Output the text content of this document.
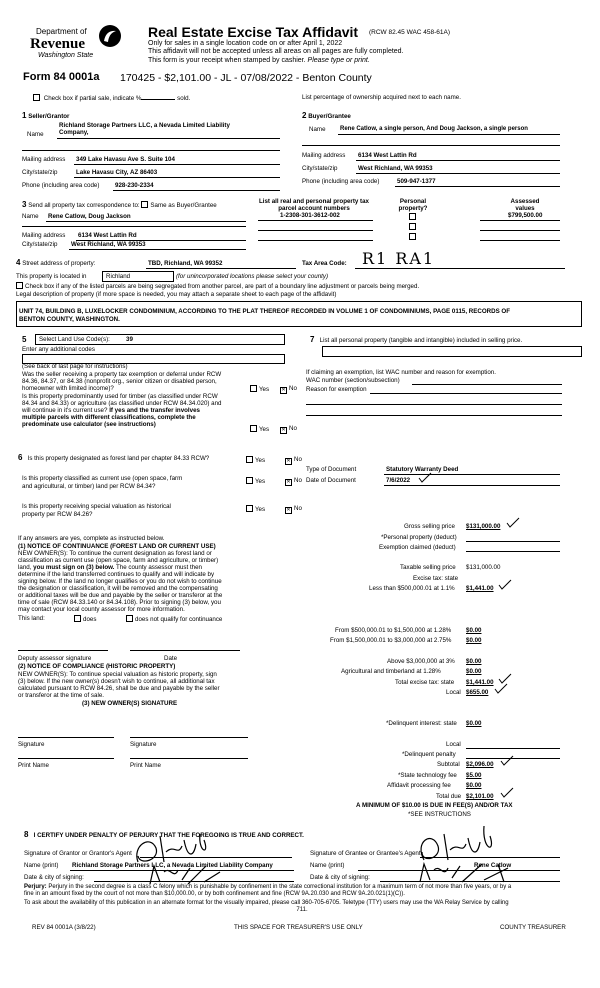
Department of
Revenue
Washington State
Real Estate Excise Tax Affidavit (RCW 82.45 WAC 458-61A)
Only for sales in a single location code on or after April 1, 2022
This affidavit will not be accepted unless all areas on all pages are fully completed.
This form is your receipt when stamped by cashier. Please type or print.
Form 84 0001a 170425 - $2,101.00 - JL - 07/08/2022 - Benton County
Check box if partial sale, indicate %	sold.	List percentage of ownership acquired next to each name.
1 Seller/Grantor
Name
Richland Storage Partners LLC, a Nevada Limited Liability
Company,
Mailing address 349 Lake Havasu Ave S. Suite 104
City/state/zip	Lake Havasu City, AZ 86403
Phone (including area code)	928-230-2334
2 Buyer/Grantee
Name Rene Catlow, a single person, And Doug Jackson, a single person
Mailing address 6134 West Lattin Rd
City/state/zip	West Richland, WA 99353
Phone (including area code)	509-947-1377
3 Send all property tax correspondence to: Same as Buyer/Grantee
Name Rene Catlow, Doug Jackson
Mailing address 6134 West Lattin Rd
City/state/zip West Richland, WA 99353
List all real and personal property tax
parcel account numbers
1-2308-301-3612-002
Personal
property?
Assessed
values
$799,500.00
4 Street address of property:	TBD, Richland, WA 99352	Tax Area Code: R1 RA1
This property is located in	Richland	(for unincorporated locations please select your county)
Check box if any of the listed parcels are being segregated from another parcel, are part of a boundary line adjustment or parcels being merged.
Legal description of property (if more space is needed, you may attach a separate sheet to each page of the affidavit)
UNIT 74, BUILDING B, LUXELOCKER CONDOMINIUM, ACCORDING TO THE PLAT THEREOF RECORDED IN VOLUME 1 OF CONDOMINIUMS, PAGE 0115, RECORDS OF
BENTON COUNTY, WASHINGTON.
5 Select Land Use Code(s):	39
Enter any additional codes
(See back of last page for instructions)
Was the seller receiving a property tax exemption or deferral under RCW
84.36, 84.37, or 84.38 (nonprofit org., senior citizen or disabled person,
homeowner with limited income)?	Yes ✕ No
Is this property predominantly used for timber (as classified under RCW
84.34 and 84.33) or agriculture (as classified under RCW 84.34.020) and
will continue in it's current use? If yes and the transfer involves
multiple parcels with different classifications, complete the
predominate use calculator (see instructions)
Yes ✕ No
7 List all personal property (tangible and intangible) included in selling price.
If claiming an exemption, list WAC number and reason for exemption.
WAC number (section/subsection)
Reason for exemption
6 Is this property designated as forest land per chapter 84.33 RCW?	Yes	✕ No
Is this property classified as current use (open space, farm
and agricultural, or timber) land per RCW 84.34?
Yes	✕ No
Is this property receiving special valuation as historical
property per RCW 84.26?
Yes	✕ No
Type of Document	Statutory Warranty Deed
Date of Document	7/6/2022
If any answers are yes, complete as instructed below.
(1) NOTICE OF CONTINUANCE (FOREST LAND OR CURRENT USE)
NEW OWNER(S): To continue the current designation as forest land or
classification as current use (open space, farm and agriculture, or timber)
land, you must sign on (3) below. The county assessor must then
determine if the land transferred continues to qualify and will indicate by
signing below. If the land no longer qualifies or you do not wish to continue
the designation or classification, it will be removed and the compensating
or additional taxes will be due and payable by the seller or transferor at the
time of sale (RCW 84.33.140 or 84.34.108). Prior to signing (3) below, you
may contact your local county assessor for more information.
This land:	does	does not qualify for continuance
Deputy assessor signature	Date
(2) NOTICE OF COMPLIANCE (HISTORIC PROPERTY)
NEW OWNER(S): To continue special valuation as historic property, sign
(3) below. If the new owner(s) doesn't wish to continue, all additional tax
calculated pursuant to RCW 84.26, shall be due and payable by the seller
or transferor at the time of sale.
(3) NEW OWNER(S) SIGNATURE
Signature	Signature
Print Name	Print Name
Gross selling price $131,000.00
*Personal property (deduct)
Exemption claimed (deduct)
Taxable selling price $131,000.00
Excise tax: state
Less than $500,000.01 at 1.1% $1,441.00
From $500,000.01 to $1,500,000 at 1.28% $0.00
From $1,500,000.01 to $3,000,000 at 2.75% $0.00
Above $3,000,000 at 3% $0.00
Agricultural and timberland at 1.28%	$0.00
Total excise tax: state $1,441.00
Local $655.00
*Delinquent interest: state $0.00
Local
*Delinquent penalty
Subtotal $2,096.00
*State technology fee $5.00
Affidavit processing fee $0.00
Total due $2,101.00
A MINIMUM OF $10.00 IS DUE IN FEE(S) AND/OR TAX
*SEE INSTRUCTIONS
8 I CERTIFY UNDER PENALTY OF PERJURY THAT THE FOREGOING IS TRUE AND CORRECT.
Signature of Grantor or Grantor's Agent	Signature of Grantee or Grantee's Agent
Name (print) Richland Storage Partners LLC, a Nevada Limited Liability Company	Name (print)	Rene Catlow
Date & city of signing:	Date & city of signing:
Perjury: Perjury in the second degree is a class C felony which is punishable by confinement in the state correctional institution for a maximum term of not more than five years, or by a
fine in an amount fixed by the court of not more than $10,000.00, or by both confinement and fine (RCW 9A.20.030 and RCW 9A.20.021(1)(C)).
To ask about the availability of this publication in an alternate format for the visually impaired, please call 360-705-6705. Teletype (TTY) users may use the WA Relay Service by calling

711.
REV 84 0001A (3/8/22)	THIS SPACE FOR TREASURER'S USE ONLY	COUNTY TREASURER
